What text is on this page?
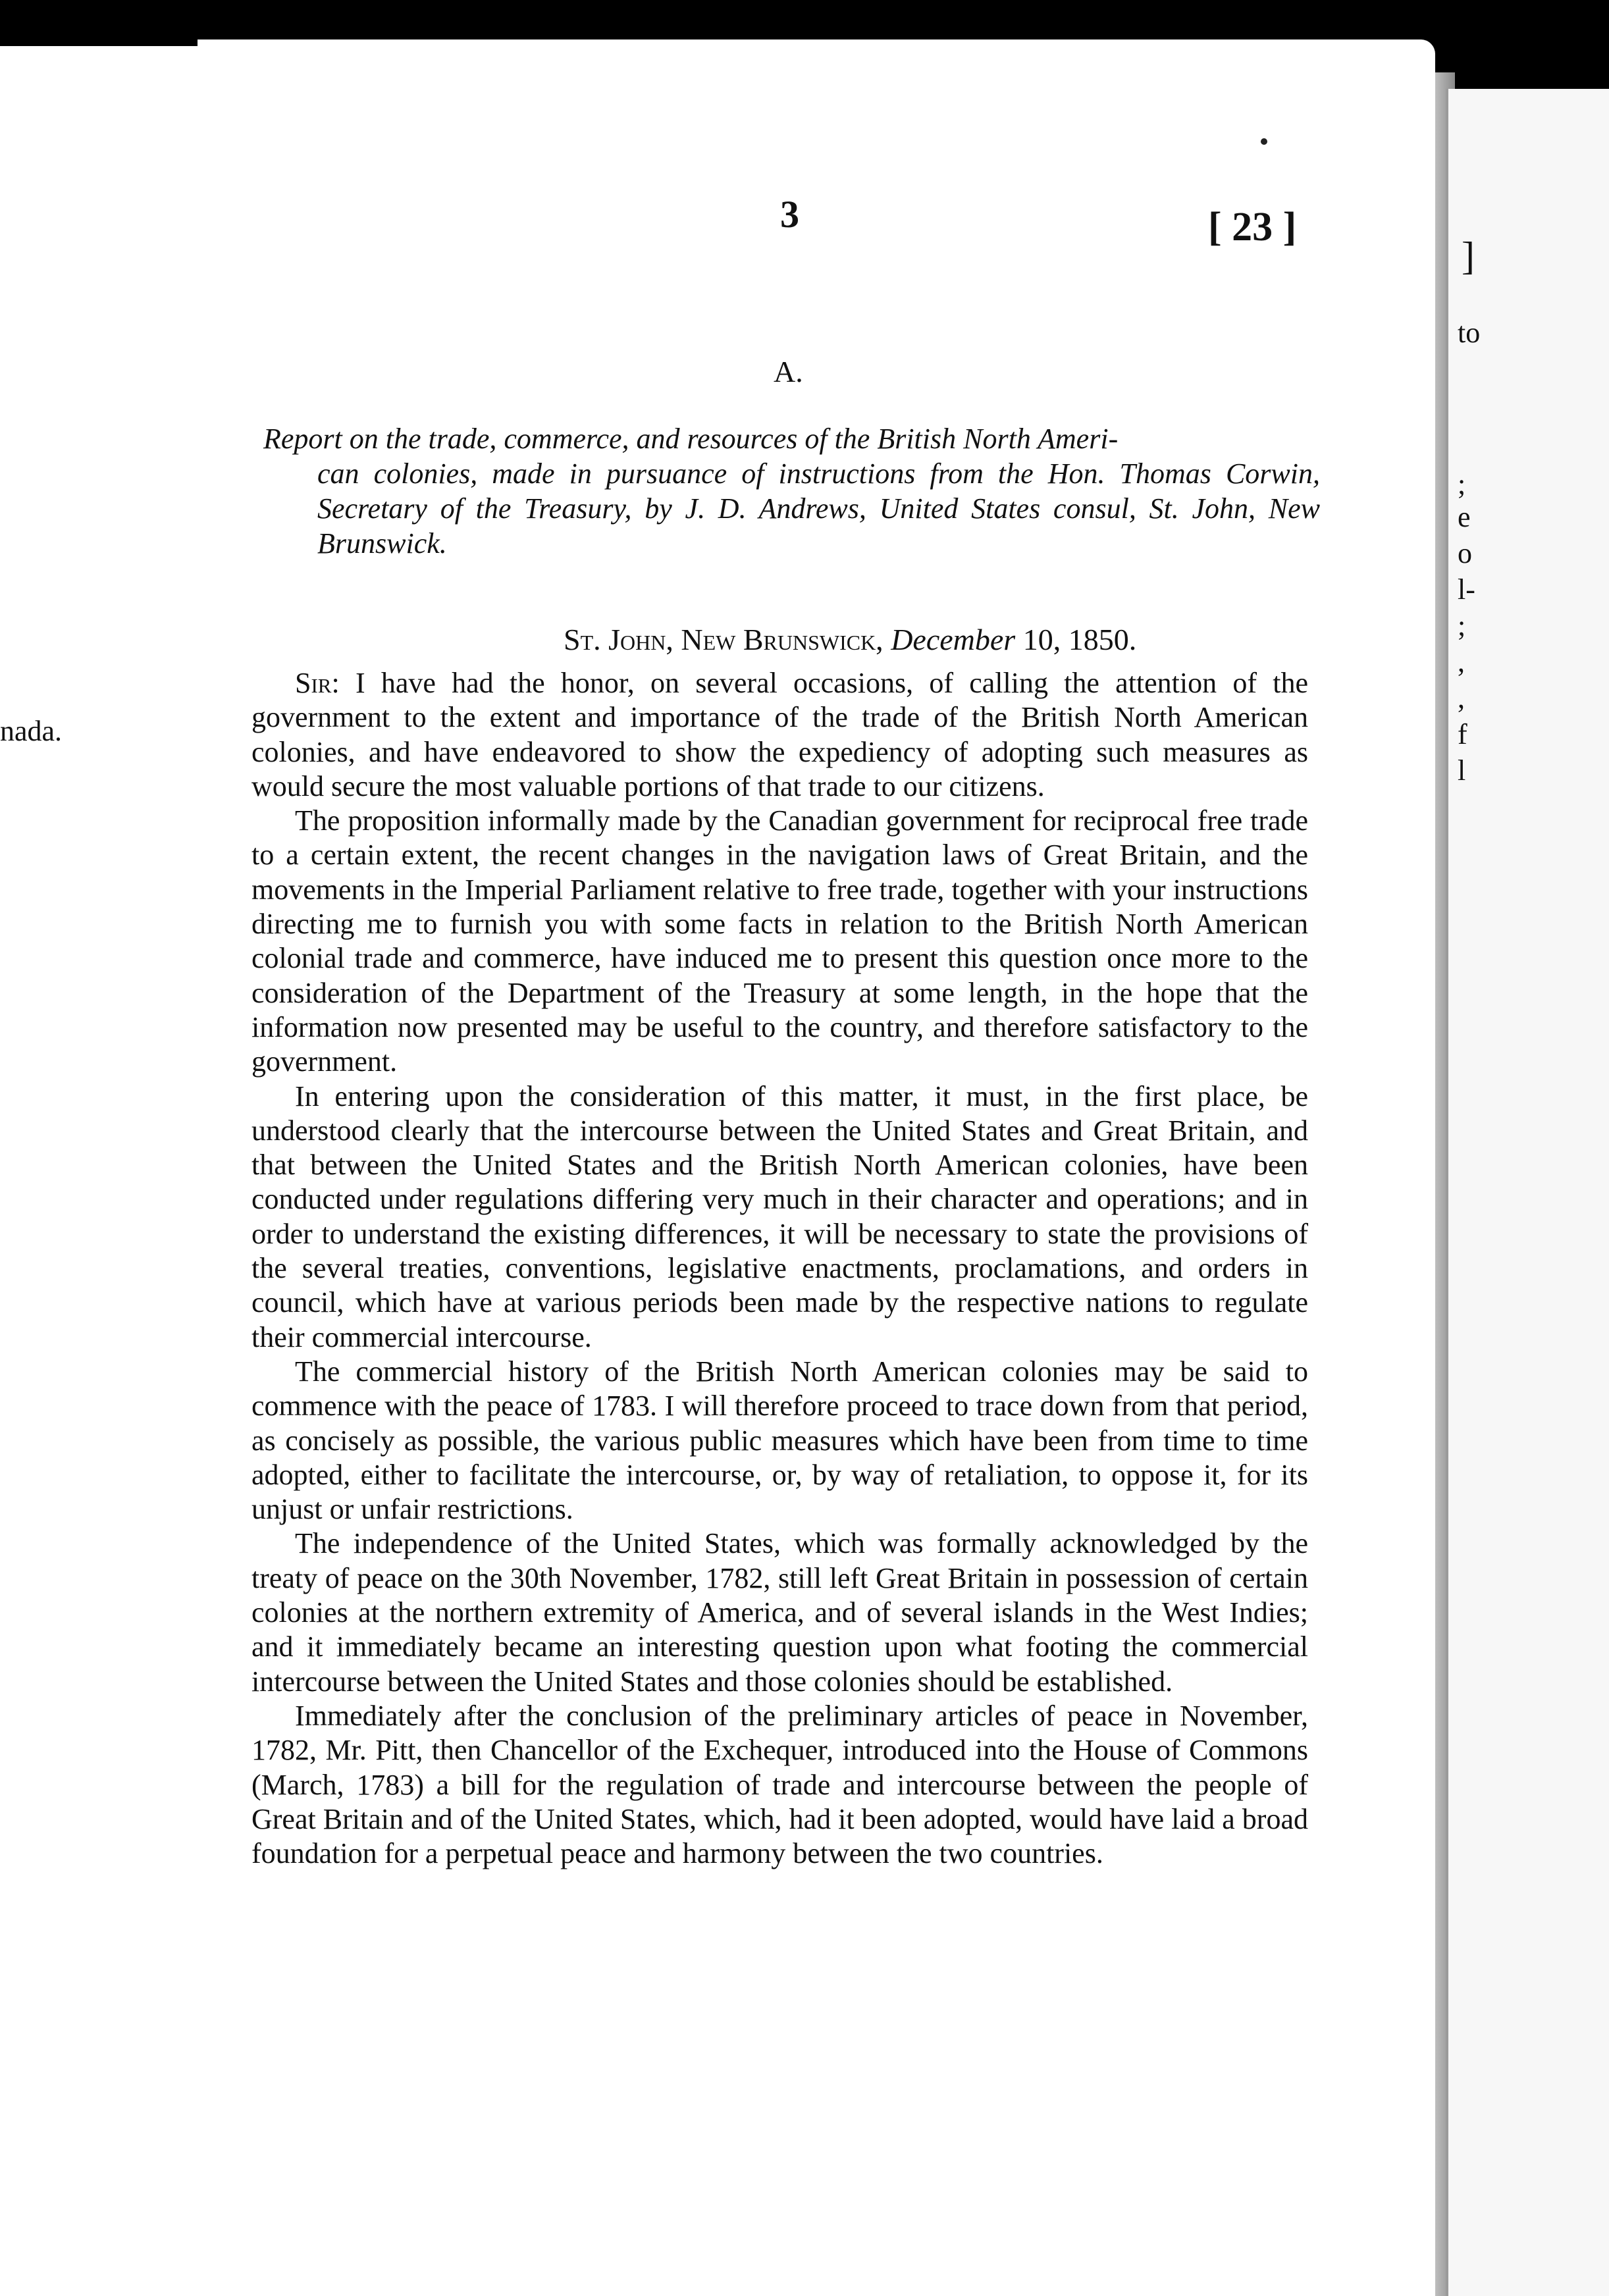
nada.
]
to
;
e
o
l-
;
,
,
f
l
3	[ 23 ]
A.
Report on the trade, commerce, and resources of the British North Ameri-
can colonies, made in pursuance of instructions from the Hon. Thomas Corwin, Secretary of the Treasury, by J. D. Andrews, United States consul, St. John, New Brunswick.
St. John, New Brunswick, December 10, 1850.

Sir: I have had the honor, on several occasions, of calling the attention of the government to the extent and importance of the trade of the British North American colonies, and have endeavored to show the expediency of adopting such measures as would secure the most valuable portions of that trade to our citizens.

The proposition informally made by the Canadian government for reciprocal free trade to a certain extent, the recent changes in the navigation laws of Great Britain, and the movements in the Imperial Parliament relative to free trade, together with your instructions directing me to furnish you with some facts in relation to the British North American colonial trade and commerce, have induced me to present this question once more to the consideration of the Department of the Treasury at some length, in the hope that the information now presented may be useful to the country, and therefore satisfactory to the government.

In entering upon the consideration of this matter, it must, in the first place, be understood clearly that the intercourse between the United States and Great Britain, and that between the United States and the British North American colonies, have been conducted under regulations differing very much in their character and operations; and in order to understand the existing differences, it will be necessary to state the provisions of the several treaties, conventions, legislative enactments, proclamations, and orders in council, which have at various periods been made by the respective nations to regulate their commercial intercourse.

The commercial history of the British North American colonies may be said to commence with the peace of 1783. I will therefore proceed to trace down from that period, as concisely as possible, the various public measures which have been from time to time adopted, either to facilitate the intercourse, or, by way of retaliation, to oppose it, for its unjust or unfair restrictions.

The independence of the United States, which was formally acknowledged by the treaty of peace on the 30th November, 1782, still left Great Britain in possession of certain colonies at the northern extremity of America, and of several islands in the West Indies; and it immediately became an interesting question upon what footing the commercial intercourse between the United States and those colonies should be established.

Immediately after the conclusion of the preliminary articles of peace in November, 1782, Mr. Pitt, then Chancellor of the Exchequer, introduced into the House of Commons (March, 1783) a bill for the regulation of trade and intercourse between the people of Great Britain and of the United States, which, had it been adopted, would have laid a broad foundation for a perpetual peace and harmony between the two countries.
